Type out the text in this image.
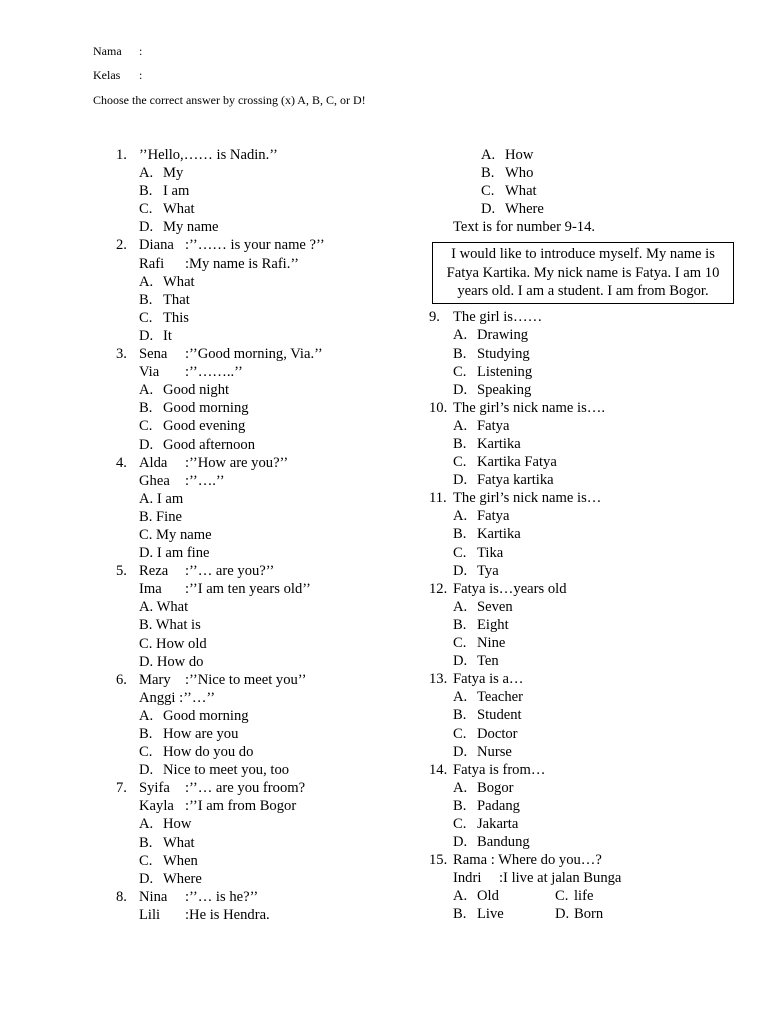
Nama :
Kelas :
Choose the correct answer by crossing (x) A, B, C, or D!
1. ’’Hello,…… is Nadin.’’
A. My
B. I am
C. What
D. My name
2. Diana :’’…… is your name ?’’
Rafi :My name is Rafi.’’
A. What
B. That
C. This
D. It
3. Sena :’’Good morning, Via.’’
Via :’’……..’’
A. Good night
B. Good morning
C. Good evening
D. Good afternoon
4. Alda :’’How are you?’’
Ghea :’’….’’
A. I am
B. Fine
C. My name
D. I am fine
5. Reza :’’… are you?’’
Ima :’’I am ten years old’’
A. What
B. What is
C. How old
D. How do
6. Mary :’’Nice to meet you’’
Anggi :’’…’’
A. Good morning
B. How are you
C. How do you do
D. Nice to meet you, too
7. Syifa :’’… are you froom?
Kayla :’’I am from Bogor
A. How
B. What
C. When
D. Where
8. Nina :’’… is he?’’
Lili :He is Hendra.
A. How
B. Who
C. What
D. Where
Text is for number 9-14.
I would like to introduce myself. My name is Fatya Kartika. My nick name is Fatya. I am 10 years old. I am a student. I am from Bogor.
9. The girl is……
A. Drawing
B. Studying
C. Listening
D. Speaking
10. The girl’s nick name is….
A. Fatya
B. Kartika
C. Kartika Fatya
D. Fatya kartika
11. The girl’s nick name is…
A. Fatya
B. Kartika
C. Tika
D. Tya
12. Fatya is…years old
A. Seven
B. Eight
C. Nine
D. Ten
13. Fatya is a…
A. Teacher
B. Student
C. Doctor
D. Nurse
14. Fatya is from…
A. Bogor
B. Padang
C. Jakarta
D. Bandung
15. Rama : Where do you…?
Indri :I live at jalan Bunga
A. Old	C. life
B. Live	D. Born
